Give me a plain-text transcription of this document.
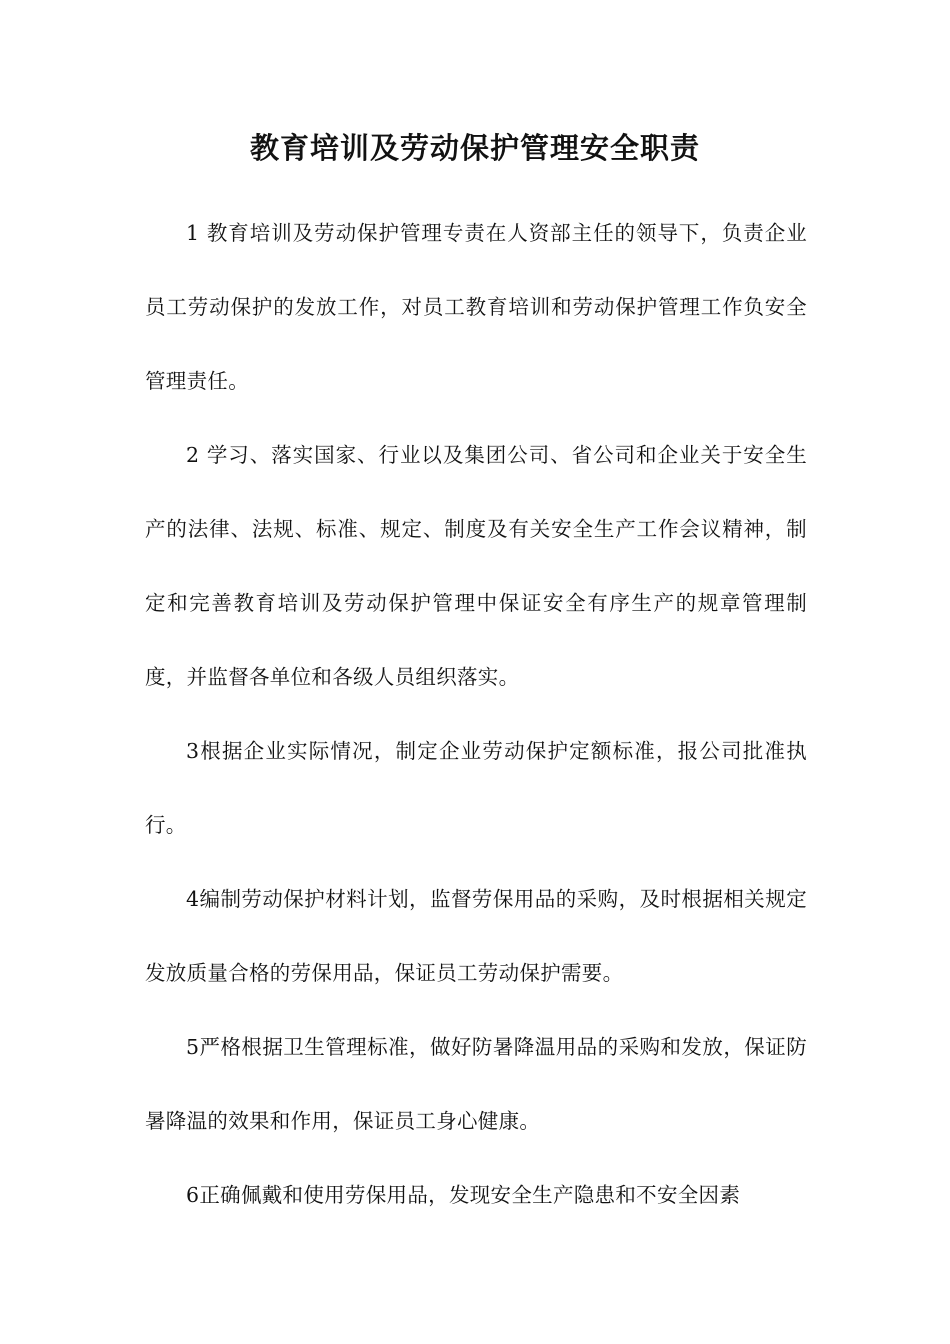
教育培训及劳动保护管理安全职责

1 教育培训及劳动保护管理专责在人资部主任的领导下，负责企业员工劳动保护的发放工作，对员工教育培训和劳动保护管理工作负安全管理责任。

2 学习、落实国家、行业以及集团公司、省公司和企业关于安全生产的法律、法规、标准、规定、制度及有关安全生产工作会议精神，制定和完善教育培训及劳动保护管理中保证安全有序生产的规章管理制度，并监督各单位和各级人员组织落实。

3根据企业实际情况，制定企业劳动保护定额标准，报公司批准执行。

4编制劳动保护材料计划，监督劳保用品的采购，及时根据相关规定发放质量合格的劳保用品，保证员工劳动保护需要。

5严格根据卫生管理标准，做好防暑降温用品的采购和发放，保证防暑降温的效果和作用，保证员工身心健康。

6正确佩戴和使用劳保用品，发现安全生产隐患和不安全因素
